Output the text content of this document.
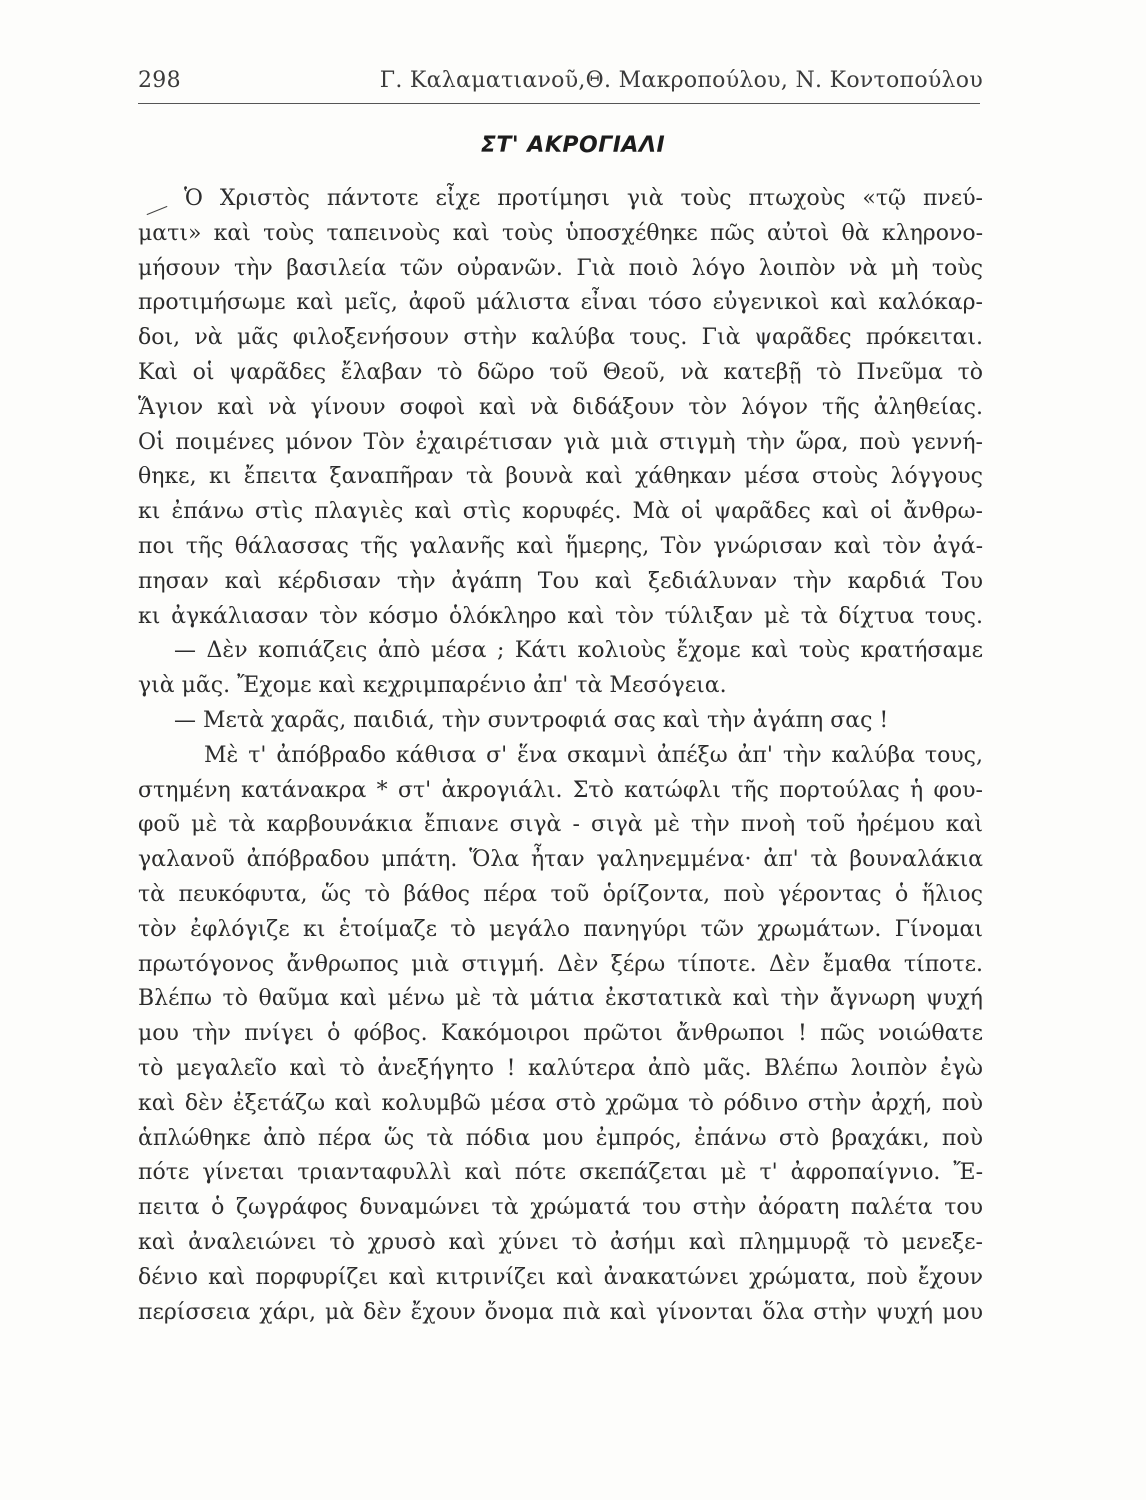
298	Γ. Καλαματιανοῦ,Θ. Μακροπούλου, Ν. Κοντοπούλου
ΣΤ' ΑΚΡΟΓΙΑΛΙ
Ὁ Χριστὸς πάντοτε εἶχε προτίμησι γιὰ τοὺς πτωχοὺς «τῷ πνεύ-
ματι» καὶ τοὺς ταπεινοὺς καὶ τοὺς ὑποσχέθηκε πῶς αὐτοὶ θὰ κληρονο-
μήσουν τὴν βασιλεία τῶν οὐρανῶν. Γιὰ ποιὸ λόγο λοιπὸν νὰ μὴ τοὺς
προτιμήσωμε καὶ μεῖς, ἀφοῦ μάλιστα εἶναι τόσο εὐγενικοὶ καὶ καλόκαρ-
δοι, νὰ μᾶς φιλοξενήσουν στὴν καλύβα τους. Γιὰ ψαρᾶδες πρόκειται.
Καὶ οἱ ψαρᾶδες ἔλαβαν τὸ δῶρο τοῦ Θεοῦ, νὰ κατεβῇ τὸ Πνεῦμα τὸ
Ἅγιον καὶ νὰ γίνουν σοφοὶ καὶ νὰ διδάξουν τὸν λόγον τῆς ἀληθείας.
Οἱ ποιμένες μόνον Τὸν ἐχαιρέτισαν γιὰ μιὰ στιγμὴ τὴν ὥρα, ποὺ γεννή-
θηκε, κι ἔπειτα ξαναπῆραν τὰ βουνὰ καὶ χάθηκαν μέσα στοὺς λόγγους
κι ἐπάνω στὶς πλαγιὲς καὶ στὶς κορυφές. Μὰ οἱ ψαρᾶδες καὶ οἱ ἄνθρω-
ποι τῆς θάλασσας τῆς γαλανῆς καὶ ἥμερης, Τὸν γνώρισαν καὶ τὸν ἀγά-
πησαν καὶ κέρδισαν τὴν ἀγάπη Του καὶ ξεδιάλυναν τὴν καρδιά Του
κι ἀγκάλιασαν τὸν κόσμο ὁλόκληρο καὶ τὸν τύλιξαν μὲ τὰ δίχτυα τους.
— Δὲν κοπιάζεις ἀπὸ μέσα ; Κάτι κολιοὺς ἔχομε καὶ τοὺς κρατήσαμε
γιὰ μᾶς. Ἔχομε καὶ κεχριμπαρένιο ἀπ' τὰ Μεσόγεια.
— Μετὰ χαρᾶς, παιδιά, τὴν συντροφιά σας καὶ τὴν ἀγάπη σας !
Μὲ τ' ἀπόβραδο κάθισα σ' ἕνα σκαμνὶ ἀπέξω ἀπ' τὴν καλύβα τους,
στημένη κατάνακρα * στ' ἀκρογιάλι. Στὸ κατώφλι τῆς πορτούλας ἡ φου-
φοῦ μὲ τὰ καρβουνάκια ἔπιανε σιγὰ - σιγὰ μὲ τὴν πνοὴ τοῦ ἠρέμου καὶ
γαλανοῦ ἀπόβραδου μπάτη. Ὅλα ἦταν γαληνεμμένα· ἀπ' τὰ βουναλάκια
τὰ πευκόφυτα, ὥς τὸ βάθος πέρα τοῦ ὁρίζοντα, ποὺ γέροντας ὁ ἥλιος
τὸν ἐφλόγιζε κι ἑτοίμαζε τὸ μεγάλο πανηγύρι τῶν χρωμάτων. Γίνομαι
πρωτόγονος ἄνθρωπος μιὰ στιγμή. Δὲν ξέρω τίποτε. Δὲν ἔμαθα τίποτε.
Βλέπω τὸ θαῦμα καὶ μένω μὲ τὰ μάτια ἐκστατικὰ καὶ τὴν ἄγνωρη ψυχή
μου τὴν πνίγει ὁ φόβος. Κακόμοιροι πρῶτοι ἄνθρωποι ! πῶς νοιώθατε
τὸ μεγαλεῖο καὶ τὸ ἀνεξήγητο ! καλύτερα ἀπὸ μᾶς. Βλέπω λοιπὸν ἐγὼ
καὶ δὲν ἐξετάζω καὶ κολυμβῶ μέσα στὸ χρῶμα τὸ ρόδινο στὴν ἀρχή, ποὺ
ἁπλώθηκε ἀπὸ πέρα ὥς τὰ πόδια μου ἐμπρός, ἐπάνω στὸ βραχάκι, ποὺ
πότε γίνεται τριανταφυλλὶ καὶ πότε σκεπάζεται μὲ τ' ἀφροπαίγνιο. Ἔ-
πειτα ὁ ζωγράφος δυναμώνει τὰ χρώματά του στὴν ἀόρατη παλέτα του
καὶ ἀναλειώνει τὸ χρυσὸ καὶ χύνει τὸ ἀσήμι καὶ πλημμυρᾷ τὸ μενεξε-
δένιο καὶ πορφυρίζει καὶ κιτρινίζει καὶ ἀνακατώνει χρώματα, ποὺ ἔχουν
περίσσεια χάρι, μὰ δὲν ἔχουν ὄνομα πιὰ καὶ γίνονται ὅλα στὴν ψυχή μου
